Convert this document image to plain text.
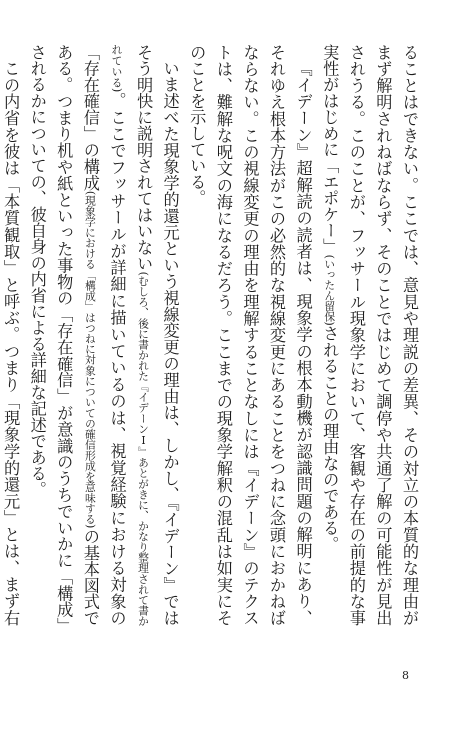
ることはできない。ここでは、意見や理説の差異、その対立の本質的な理由がまず解明されねばならず、そのことではじめて調停や共通了解の可能性が見出されうる。このことが、フッサール現象学において、客観や存在の前提的な事実性がはじめに「エポケー」(いったん留保)されることの理由なのである。

『イデーン』超解読の読者は、現象学の根本動機が認識問題の解明にあり、それゆえ根本方法がこの必然的な視線変更にあることをつねに念頭におかねばならない。この視線変更の理由を理解することなしには『イデーン』のテクストは、難解な呪文の海になるだろう。ここまでの現象学解釈の混乱は如実にそのことを示している。

いま述べた現象学的還元という視線変更の理由は、しかし、『イデーン』ではそう明快に説明されてはいない(むしろ、後に書かれた『イデーンⅠ』あとがきに、かなり整理されて書かれている)。ここでフッサールが詳細に描いているのは、視覚経験における対象の「存在確信」の構成(現象学における「構成」はつねに対象についての確信形成を意味する)の基本図式である。つまり机や紙といった事物の「存在確信」が意識のうちでいかに「構成」されるかについての、彼自身の内省による詳細な記述である。

この内省を彼は「本質観取」と呼ぶ。つまり「現象学的還元」とは、まず右

8
